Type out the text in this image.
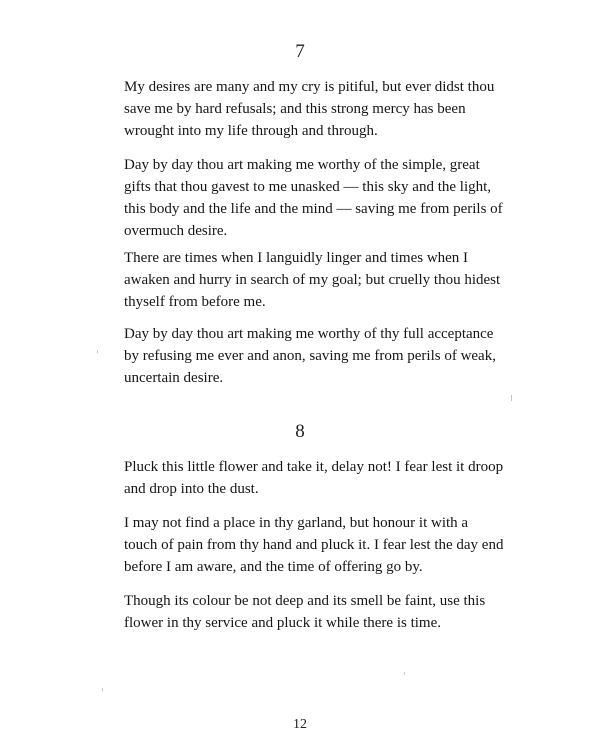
7

My desires are many and my cry is pitiful, but ever didst thou
save me by hard refusals; and this strong mercy has been
wrought into my life through and through.

Day by day thou art making me worthy of the simple, great
gifts that thou gavest to me unasked — this sky and the light,
this body and the life and the mind — saving me from perils of
overmuch desire.

There are times when I languidly linger and times when I
awaken and hurry in search of my goal; but cruelly thou hidest
thyself from before me.

Day by day thou art making me worthy of thy full acceptance
by refusing me ever and anon, saving me from perils of weak,
uncertain desire.

8

Pluck this little flower and take it, delay not! I fear lest it droop
and drop into the dust.

I may not find a place in thy garland, but honour it with a
touch of pain from thy hand and pluck it. I fear lest the day end
before I am aware, and the time of offering go by.

Though its colour be not deep and its smell be faint, use this
flower in thy service and pluck it while there is time.

12
